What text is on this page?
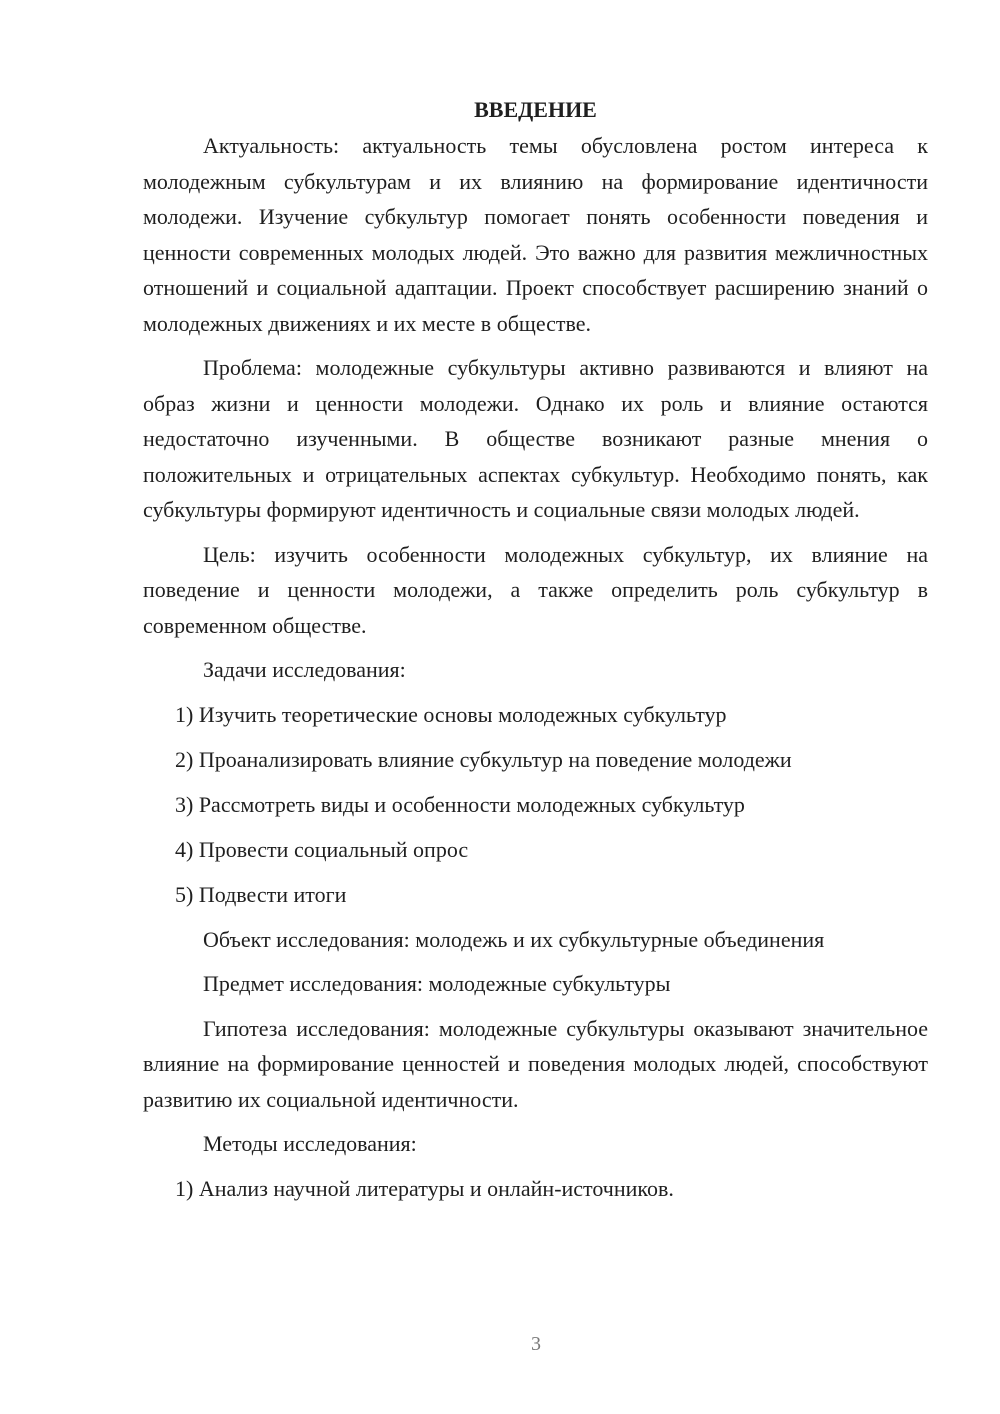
ВВЕДЕНИЕ

Актуальность: актуальность темы обусловлена ростом интереса к молодежным субкультурам и их влиянию на формирование идентичности молодежи. Изучение субкультур помогает понять особенности поведения и ценности современных молодых людей. Это важно для развития межличностных отношений и социальной адаптации. Проект способствует расширению знаний о молодежных движениях и их месте в обществе.

Проблема: молодежные субкультуры активно развиваются и влияют на образ жизни и ценности молодежи. Однако их роль и влияние остаются недостаточно изученными. В обществе возникают разные мнения о положительных и отрицательных аспектах субкультур. Необходимо понять, как субкультуры формируют идентичность и социальные связи молодых людей.

Цель: изучить особенности молодежных субкультур, их влияние на поведение и ценности молодежи, а также определить роль субкультур в современном обществе.

Задачи исследования:

1) Изучить теоретические основы молодежных субкультур
2) Проанализировать влияние субкультур на поведение молодежи
3) Рассмотреть виды и особенности молодежных субкультур
4) Провести социальный опрос
5) Подвести итоги

Объект исследования: молодежь и их субкультурные объединения

Предмет исследования: молодежные субкультуры

Гипотеза исследования: молодежные субкультуры оказывают значительное влияние на формирование ценностей и поведения молодых людей, способствуют развитию их социальной идентичности.

Методы исследования:

1) Анализ научной литературы и онлайн-источников.
3
